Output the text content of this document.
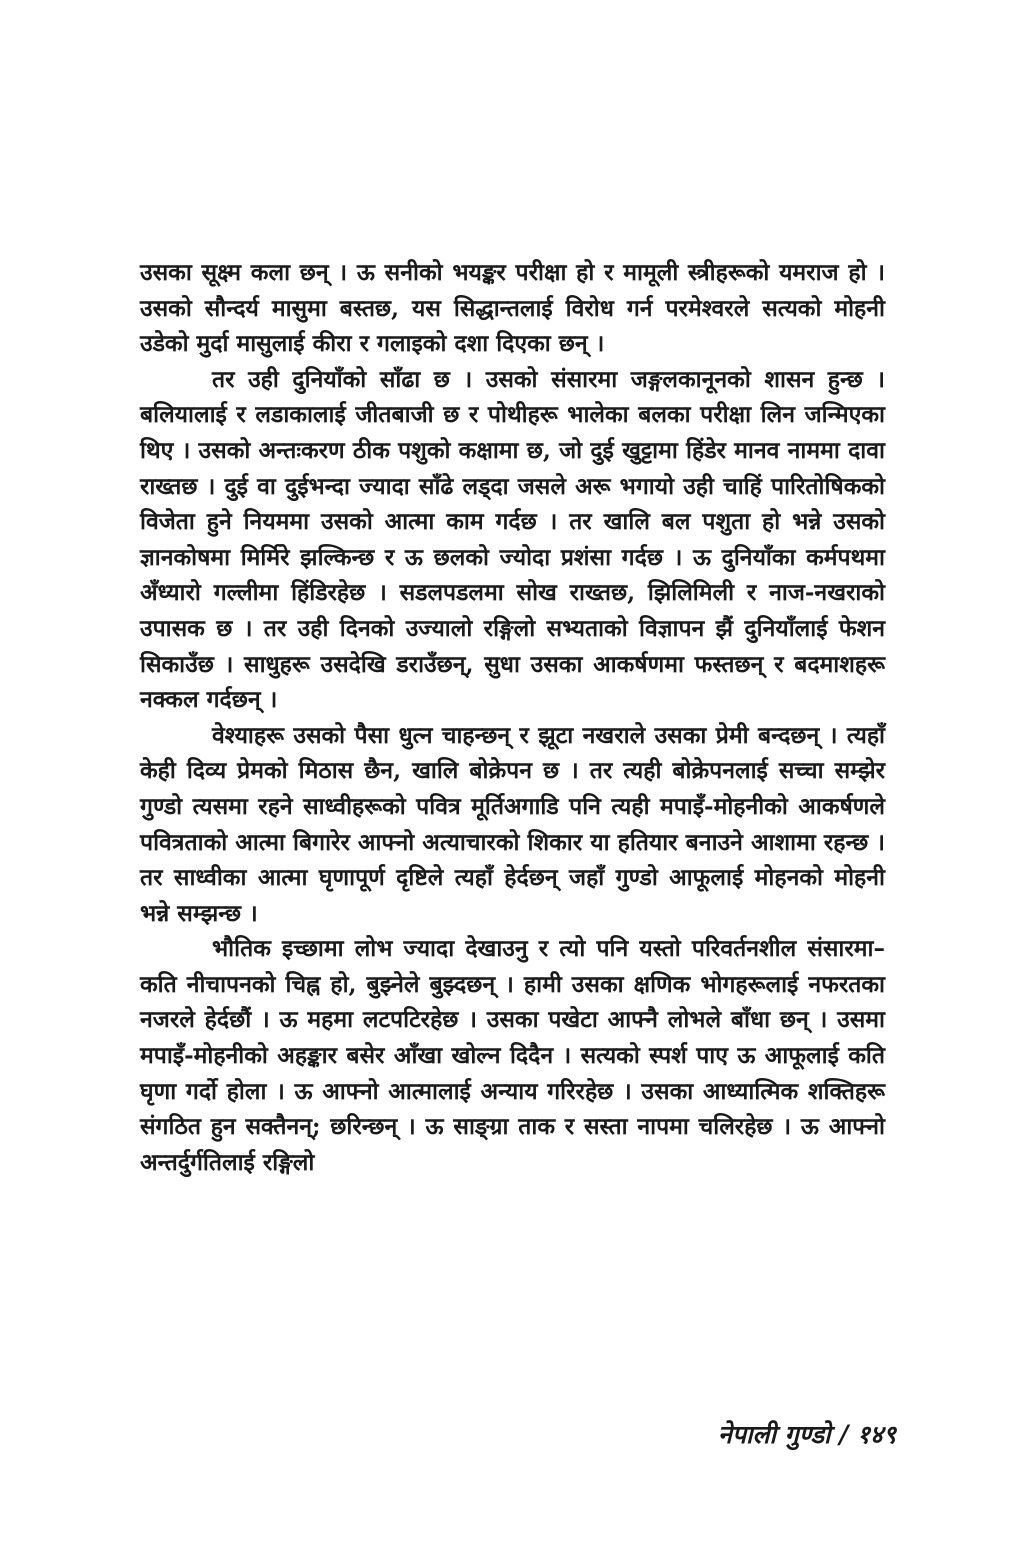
उसका सूक्ष्म कला छन् । ऊ सनीको भयङ्कर परीक्षा हो र मामूली स्त्रीहरूको यमराज हो । उसको सौन्दर्य मासुमा बस्तछ, यस सिद्धान्तलाई विरोध गर्न परमेश्वरले सत्यको मोहनी उडेको मुर्दा मासुलाई कीरा र गलाइको दशा दिएका छन् ।

तर उही दुनियाँको साँढा छ । उसको संसारमा जङ्गलकानूनको शासन हुन्छ । बलियालाई र लडाकालाई जीतबाजी छ र पोथीहरू भालेका बलका परीक्षा लिन जन्मिएका थिए । उसको अन्तःकरण ठीक पशुको कक्षामा छ, जो दुई खुट्टामा हिंडेर मानव नाममा दावा राख्तछ । दुई वा दुईभन्दा ज्यादा साँढे लड्दा जसले अरू भगायो उही चाहिं पारितोषिकको विजेता हुने नियममा उसको आत्मा काम गर्दछ । तर खालि बल पशुता हो भन्ने उसको ज्ञानकोषमा मिर्मिरे झल्किन्छ र ऊ छलको ज्योदा प्रशंसा गर्दछ । ऊ दुनियाँका कर्मपथमा अँध्यारो गल्लीमा हिंडिरहेछ । सडलपडलमा सोख राख्तछ, झिलिमिली र नाज-नखराको उपासक छ । तर उही दिनको उज्यालो रङ्गिलो सभ्यताको विज्ञापन झैं दुनियाँलाई फेशन सिकाउँछ । साधुहरू उसदेखि डराउँछन्, सुधा उसका आकर्षणमा फस्तछन् र बदमाशहरू नक्कल गर्दछन् ।

वेश्याहरू उसको पैसा धुत्न चाहन्छन् र झूटा नखराले उसका प्रेमी बन्दछन् । त्यहाँ केही दिव्य प्रेमको मिठास छैन, खालि बोक्रेपन छ । तर त्यही बोक्रेपनलाई सच्चा सम्झेर गुण्डो त्यसमा रहने साध्वीहरूको पवित्र मूर्तिअगाडि पनि त्यही मपाइँ-मोहनीको आकर्षणले पवित्रताको आत्मा बिगारेर आफ्नो अत्याचारको शिकार या हतियार बनाउने आशामा रहन्छ । तर साध्वीका आत्मा घृणापूर्ण दृष्टिले त्यहाँ हेर्दछन् जहाँ गुण्डो आफूलाई मोहनको मोहनी भन्ने सम्झन्छ ।

भौतिक इच्छामा लोभ ज्यादा देखाउनु र त्यो पनि यस्तो परिवर्तनशील संसारमा– कति नीचापनको चिह्न हो, बुझ्नेले बुझ्दछन् । हामी उसका क्षणिक भोगहरूलाई नफरतका नजरले हेर्दछौं । ऊ महमा लटपटिरहेछ । उसका पखेटा आफ्नै लोभले बाँधा छन् । उसमा मपाइँ-मोहनीको अहङ्कार बसेर आँखा खोल्न दिदैन । सत्यको स्पर्श पाए ऊ आफूलाई कति घृणा गर्दो होला । ऊ आफ्नो आत्मालाई अन्याय गरिरहेछ । उसका आध्यात्मिक शक्तिहरू संगठित हुन सक्तैनन्; छरिन्छन् । ऊ साङ्ग्रा ताक र सस्ता नापमा चलिरहेछ । ऊ आफ्नो अन्तर्दुर्गतिलाई रङ्गिलो

नेपाली गुण्डो / १४९
